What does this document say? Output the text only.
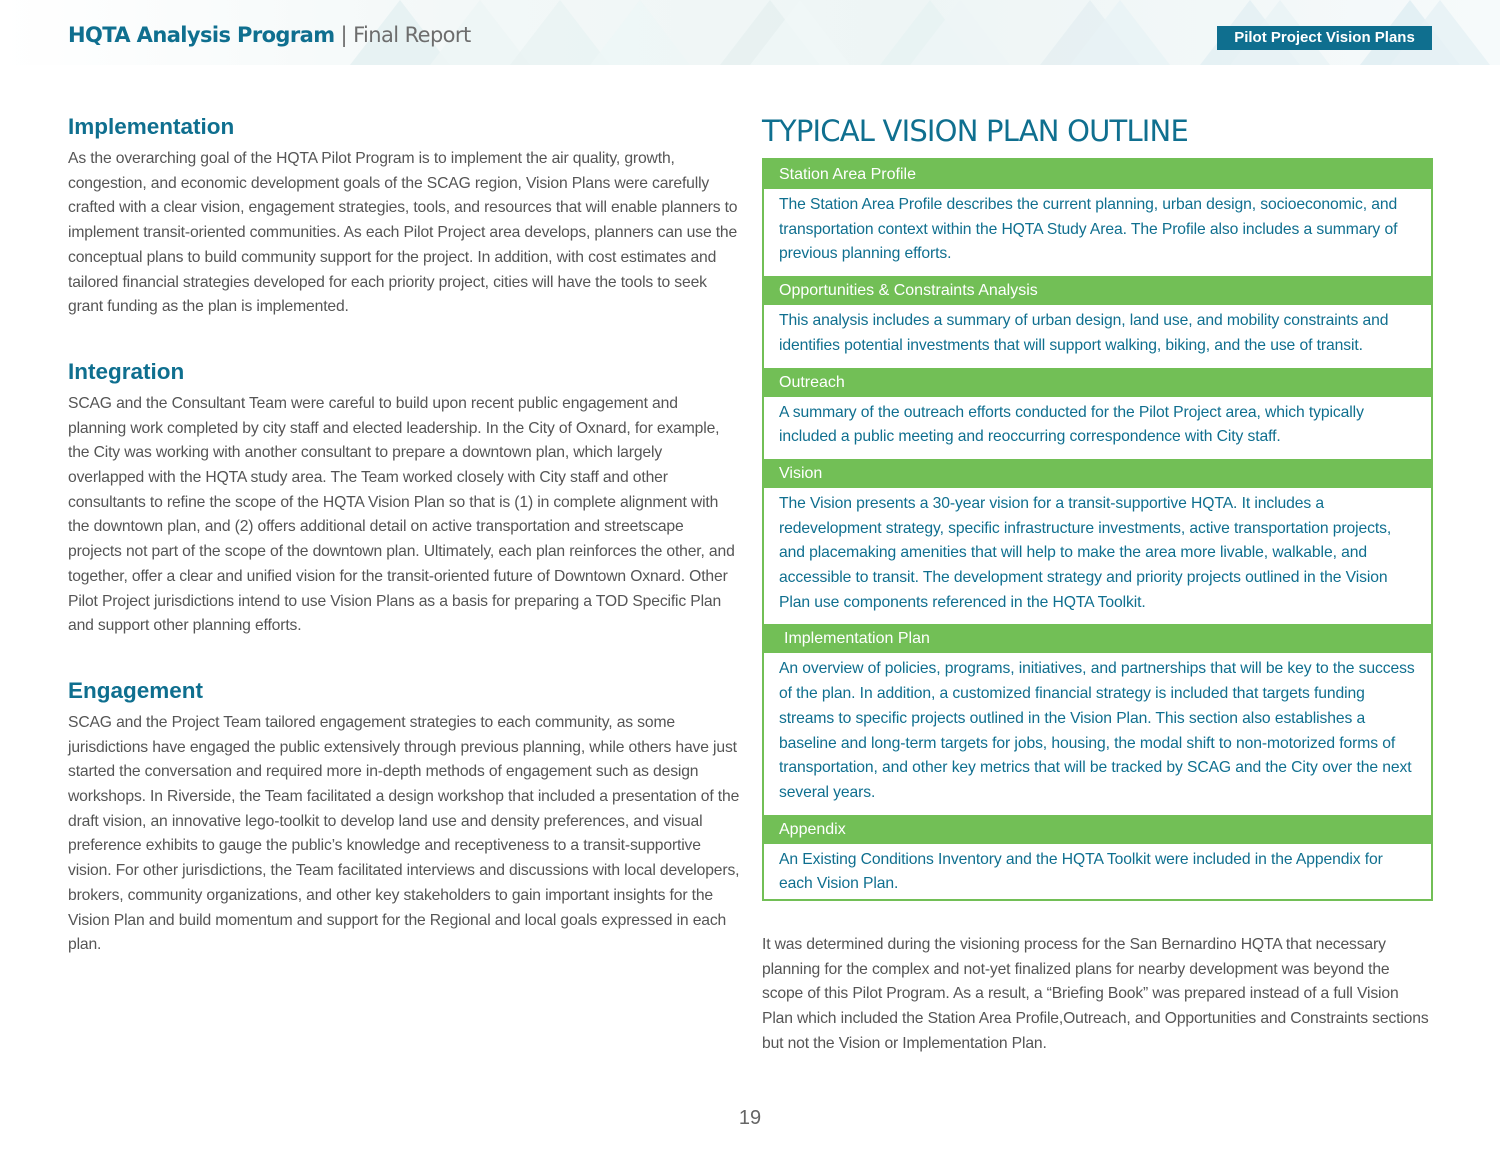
HQTA Analysis Program | Final Report	Pilot Project Vision Plans
Implementation

As the overarching goal of the HQTA Pilot Program is to implement the air quality, growth, congestion, and economic development goals of the SCAG region, Vision Plans were carefully crafted with a clear vision, engagement strategies, tools, and resources that will enable planners to implement transit-oriented communities. As each Pilot Project area develops, planners can use the conceptual plans to build community support for the project. In addition, with cost estimates and tailored financial strategies developed for each priority project, cities will have the tools to seek grant funding as the plan is implemented.

Integration

SCAG and the Consultant Team were careful to build upon recent public engagement and planning work completed by city staff and elected leadership. In the City of Oxnard, for example, the City was working with another consultant to prepare a downtown plan, which largely overlapped with the HQTA study area. The Team worked closely with City staff and other consultants to refine the scope of the HQTA Vision Plan so that is (1) in complete alignment with the downtown plan, and (2) offers additional detail on active transportation and streetscape projects not part of the scope of the downtown plan. Ultimately, each plan reinforces the other, and together, offer a clear and unified vision for the transit-oriented future of Downtown Oxnard. Other Pilot Project jurisdictions intend to use Vision Plans as a basis for preparing a TOD Specific Plan and support other planning efforts.

Engagement

SCAG and the Project Team tailored engagement strategies to each community, as some jurisdictions have engaged the public extensively through previous planning, while others have just started the conversation and required more in-depth methods of engagement such as design workshops. In Riverside, the Team facilitated a design workshop that included a presentation of the draft vision, an innovative lego-toolkit to develop land use and density preferences, and visual preference exhibits to gauge the public’s knowledge and receptiveness to a transit-supportive vision. For other jurisdictions, the Team facilitated interviews and discussions with local developers, brokers, community organizations, and other key stakeholders to gain important insights for the Vision Plan and build momentum and support for the Regional and local goals expressed in each plan.

TYPICAL VISION PLAN OUTLINE
Station Area Profile
The Station Area Profile describes the current planning, urban design, socioeconomic, and transportation context within the HQTA Study Area. The Profile also includes a summary of previous planning efforts.
Opportunities & Constraints Analysis
This analysis includes a summary of urban design, land use, and mobility constraints and identifies potential investments that will support walking, biking, and the use of transit.
Outreach
A summary of the outreach efforts conducted for the Pilot Project area, which typically included a public meeting and reoccurring correspondence with City staff.
Vision
The Vision presents a 30-year vision for a transit-supportive HQTA. It includes a redevelopment strategy, specific infrastructure investments, active transportation projects, and placemaking amenities that will help to make the area more livable, walkable, and accessible to transit. The development strategy and priority projects outlined in the Vision Plan use components referenced in the HQTA Toolkit.
Implementation Plan
An overview of policies, programs, initiatives, and partnerships that will be key to the success of the plan. In addition, a customized financial strategy is included that targets funding streams to specific projects outlined in the Vision Plan. This section also establishes a baseline and long-term targets for jobs, housing, the modal shift to non-motorized forms of transportation, and other key metrics that will be tracked by SCAG and the City over the next several years.
Appendix
An Existing Conditions Inventory and the HQTA Toolkit were included in the Appendix for each Vision Plan.

It was determined during the visioning process for the San Bernardino HQTA that necessary planning for the complex and not-yet finalized plans for nearby development was beyond the scope of this Pilot Program. As a result, a “Briefing Book” was prepared instead of a full Vision Plan which included the Station Area Profile,Outreach, and Opportunities and Constraints sections but not the Vision or Implementation Plan.

19
